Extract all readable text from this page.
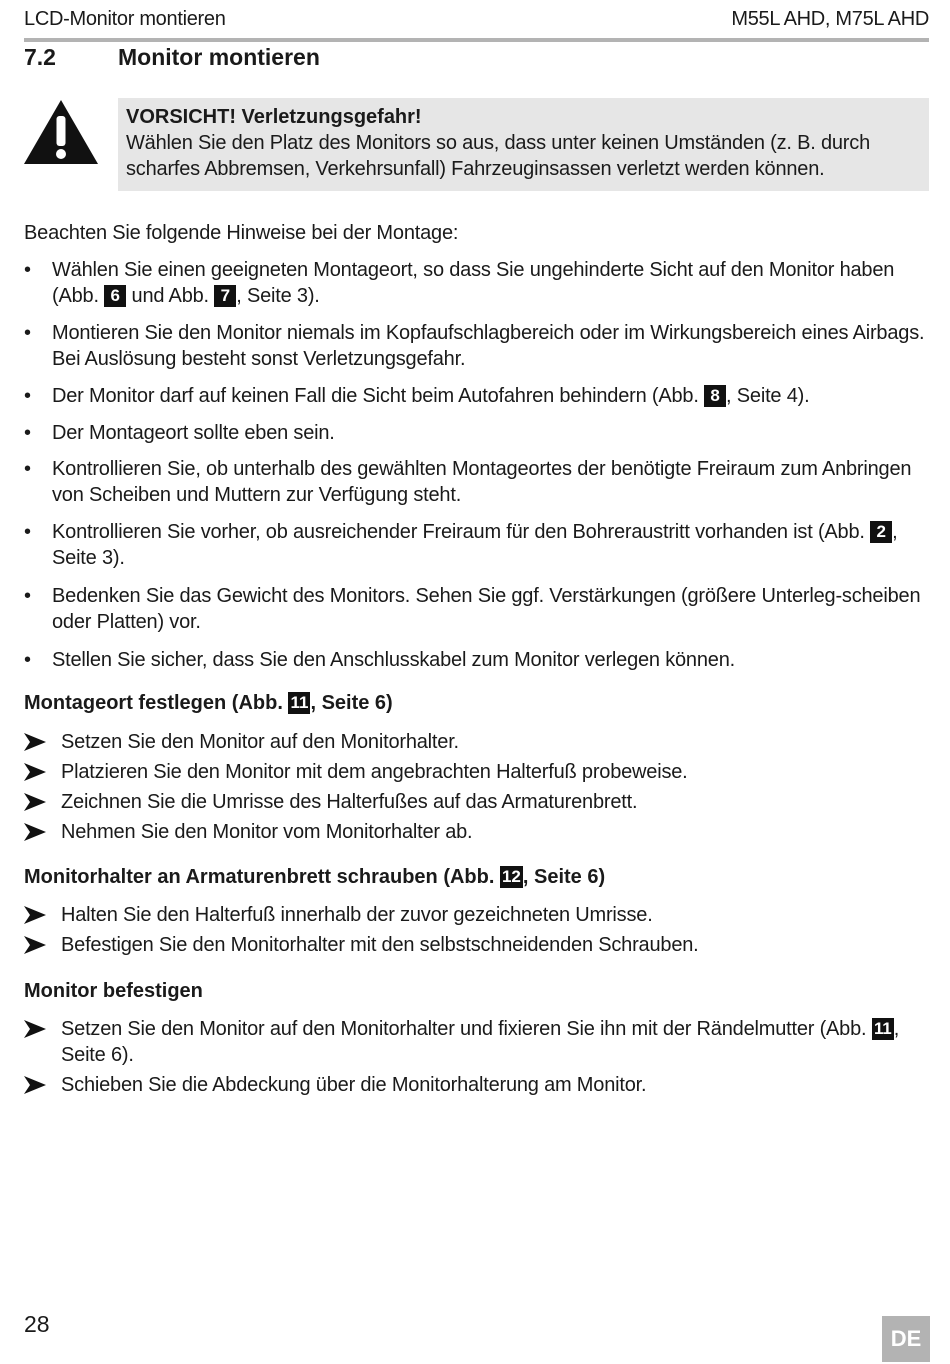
LCD-Monitor montieren	M55L AHD, M75L AHD
7.2	Monitor montieren
VORSICHT! Verletzungsgefahr!
Wählen Sie den Platz des Monitors so aus, dass unter keinen Umständen (z. B. durch scharfes Abbremsen, Verkehrsunfall) Fahrzeuginsassen verletzt werden können.
Beachten Sie folgende Hinweise bei der Montage:
• Wählen Sie einen geeigneten Montageort, so dass Sie ungehinderte Sicht auf den Monitor haben (Abb. 6 und Abb. 7 , Seite 3).
• Montieren Sie den Monitor niemals im Kopfaufschlagbereich oder im Wirkungsbereich eines Airbags. Bei Auslösung besteht sonst Verletzungsgefahr.
• Der Monitor darf auf keinen Fall die Sicht beim Autofahren behindern (Abb. 8 , Seite 4).
• Der Montageort sollte eben sein.
• Kontrollieren Sie, ob unterhalb des gewählten Montageortes der benötigte Freiraum zum Anbringen von Scheiben und Muttern zur Verfügung steht.
• Kontrollieren Sie vorher, ob ausreichender Freiraum für den Bohreraustritt vorhanden ist (Abb. 2 , Seite 3).
• Bedenken Sie das Gewicht des Monitors. Sehen Sie ggf. Verstärkungen (größere Unterleg-scheiben oder Platten) vor.
• Stellen Sie sicher, dass Sie den Anschlusskabel zum Monitor verlegen können.
Montageort festlegen (Abb. 11 , Seite 6)
Setzen Sie den Monitor auf den Monitorhalter.
Platzieren Sie den Monitor mit dem angebrachten Halterfuß probeweise.
Zeichnen Sie die Umrisse des Halterfußes auf das Armaturenbrett.
Nehmen Sie den Monitor vom Monitorhalter ab.
Monitorhalter an Armaturenbrett schrauben (Abb. 12 , Seite 6)
Halten Sie den Halterfuß innerhalb der zuvor gezeichneten Umrisse.
Befestigen Sie den Monitorhalter mit den selbstschneidenden Schrauben.
Monitor befestigen
Setzen Sie den Monitor auf den Monitorhalter und fixieren Sie ihn mit der Rändelmutter (Abb. 11 , Seite 6).
Schieben Sie die Abdeckung über die Monitorhalterung am Monitor.
28
DE
